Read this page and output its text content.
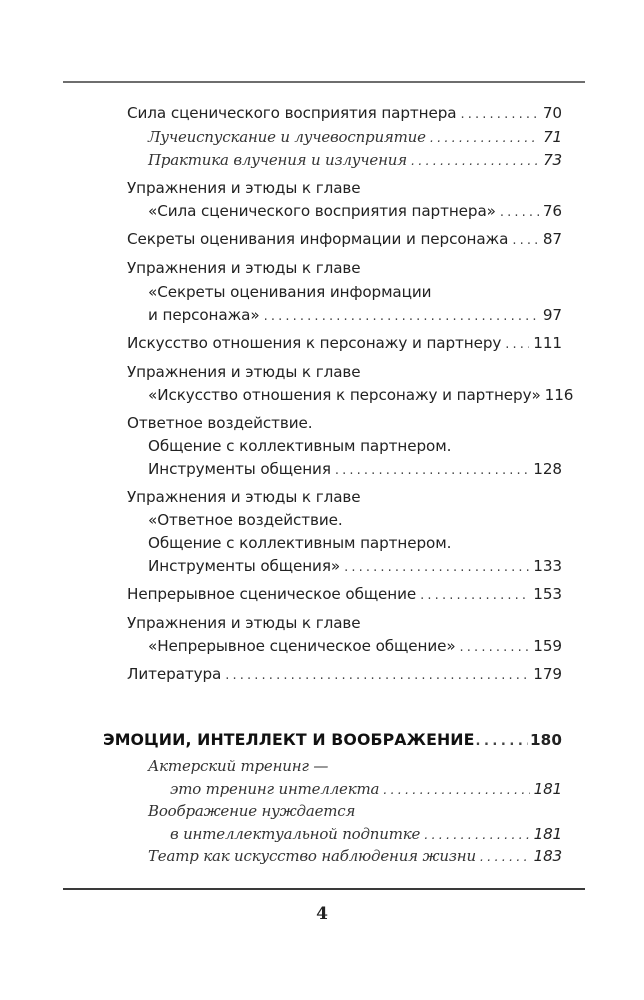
Сила сценического восприятия партнера . . .	70
Лучеиспускание и лучевосприятие . . .	71
Практика влучения и излучения . . .	73
Упражнения и этюды к главе
«Сила сценического восприятия партнера» . . .	76
Секреты оценивания информации и персонажа . . . 87
Упражнения и этюды к главе
«Секреты оценивания информации
и персонажа» . . .	97
Искусство отношения к персонажу и партнеру . . . 111
Упражнения и этюды к главе
«Искусство отношения к персонажу и партнеру» 116
Ответное воздействие.
Общение с коллективным партнером.
Инструменты общения . . .	128
Упражнения и этюды к главе
«Ответное воздействие.
Общение с коллективным партнером.
Инструменты общения» . . .	133
Непрерывное сценическое общение . . .	153
Упражнения и этюды к главе
«Непрерывное сценическое общение» . . .	159
Литература . . .	179
ЭМОЦИИ, ИНТЕЛЛЕКТ И ВООБРАЖЕНИЕ . . .	180
Актерский тренинг —
это тренинг интеллекта . . .	181
Воображение нуждается
в интеллектуальной подпитке . . .	181
Театр как искусство наблюдения жизни . . .	183
4
